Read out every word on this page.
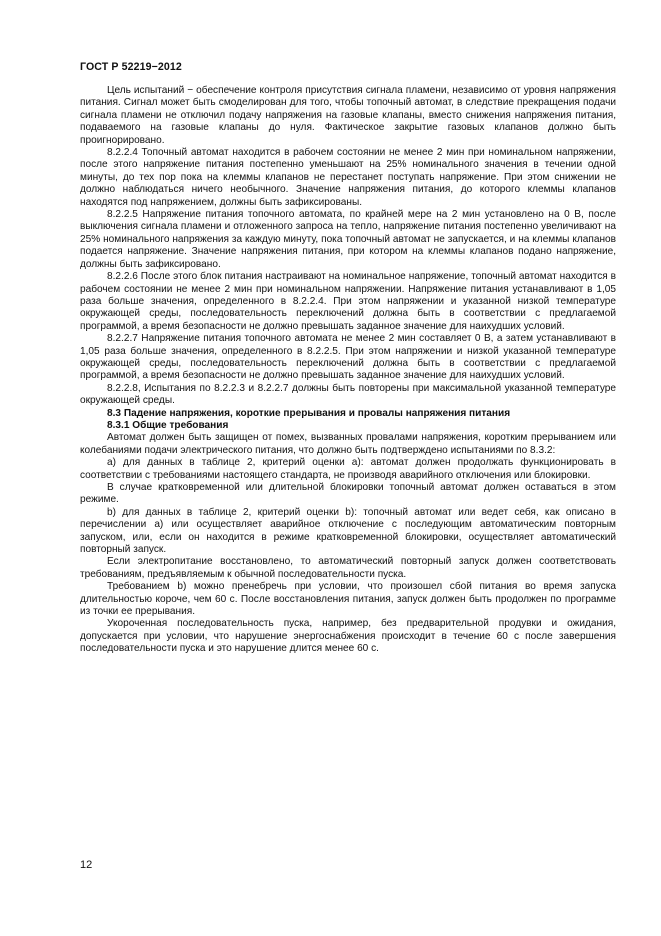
ГОСТ Р 52219−2012

Цель испытаний − обеспечение контроля присутствия сигнала пламени, независимо от уровня напряжения питания. Сигнал может быть смоделирован для того, чтобы топочный автомат, в следствие прекращения подачи сигнала пламени не отключил подачу напряжения на газовые клапаны, вместо снижения напряжения питания, подаваемого на газовые клапаны до нуля. Фактическое закрытие газовых клапанов должно быть проигнорировано.

8.2.2.4 Топочный автомат находится в рабочем состоянии не менее 2 мин при номинальном напряжении, после этого напряжение питания постепенно уменьшают на 25% номинального значения в течении одной минуты, до тех пор пока на клеммы клапанов не перестанет поступать напряжение. При этом снижении не должно наблюдаться ничего необычного. Значение напряжения питания, до которого клеммы клапанов находятся под напряжением, должны быть зафиксированы.

8.2.2.5 Напряжение питания топочного автомата, по крайней мере на 2 мин установлено на 0 В, после выключения сигнала пламени и отложенного запроса на тепло, напряжение питания постепенно увеличивают на 25% номинального напряжения за каждую минуту, пока топочный автомат не запускается, и на клеммы клапанов подается напряжение. Значение напряжения питания, при котором на клеммы клапанов подано напряжение, должны быть зафиксировано.

8.2.2.6 После этого блок питания настраивают на номинальное напряжение, топочный автомат находится в рабочем состоянии не менее 2 мин при номинальном напряжении. Напряжение питания устанавливают в 1,05 раза больше значения, определенного в 8.2.2.4. При этом напряжении и указанной низкой температуре окружающей среды, последовательность переключений должна быть в соответствии с предлагаемой программой, а время безопасности не должно превышать заданное значение для наихудших условий.

8.2.2.7 Напряжение питания топочного автомата не менее 2 мин составляет 0 В, а затем устанавливают в 1,05 раза больше значения, определенного в 8.2.2.5. При этом напряжении и низкой указанной температуре окружающей среды, последовательность переключений должна быть в соответствии с предлагаемой программой, а время безопасности не должно превышать заданное значение для наихудших условий.

8.2.2.8, Испытания по 8.2.2.3 и 8.2.2.7 должны быть повторены при максимальной указанной температуре окружающей среды.

8.3 Падение напряжения, короткие прерывания и провалы напряжения питания

8.3.1 Общие требования

Автомат должен быть защищен от помех, вызванных провалами напряжения, коротким прерыванием или колебаниями подачи электрического питания, что должно быть подтверждено испытаниями по 8.3.2:

a) для данных в таблице 2, критерий оценки а): автомат должен продолжать функционировать в соответствии с требованиями настоящего стандарта, не производя аварийного отключения или блокировки.

В случае кратковременной или длительной блокировки топочный автомат должен оставаться в этом режиме.

b) для данных в таблице 2, критерий оценки b): топочный автомат или ведет себя, как описано в перечислении а) или осуществляет аварийное отключение с последующим автоматическим повторным запуском, или, если он находится в режиме кратковременной блокировки, осуществляет автоматический повторный запуск.

Если электропитание восстановлено, то автоматический повторный запуск должен соответствовать требованиям, предъявляемым к обычной последовательности пуска.

Требованием b) можно пренебречь при условии, что произошел сбой питания во время запуска длительностью короче, чем 60 с. После восстановления питания, запуск должен быть продолжен по программе из точки ее прерывания.

Укороченная последовательность пуска, например, без предварительной продувки и ожидания, допускается при условии, что нарушение энергоснабжения происходит в течение 60 с после завершения последовательности пуска и это нарушение длится менее 60 с.

12
